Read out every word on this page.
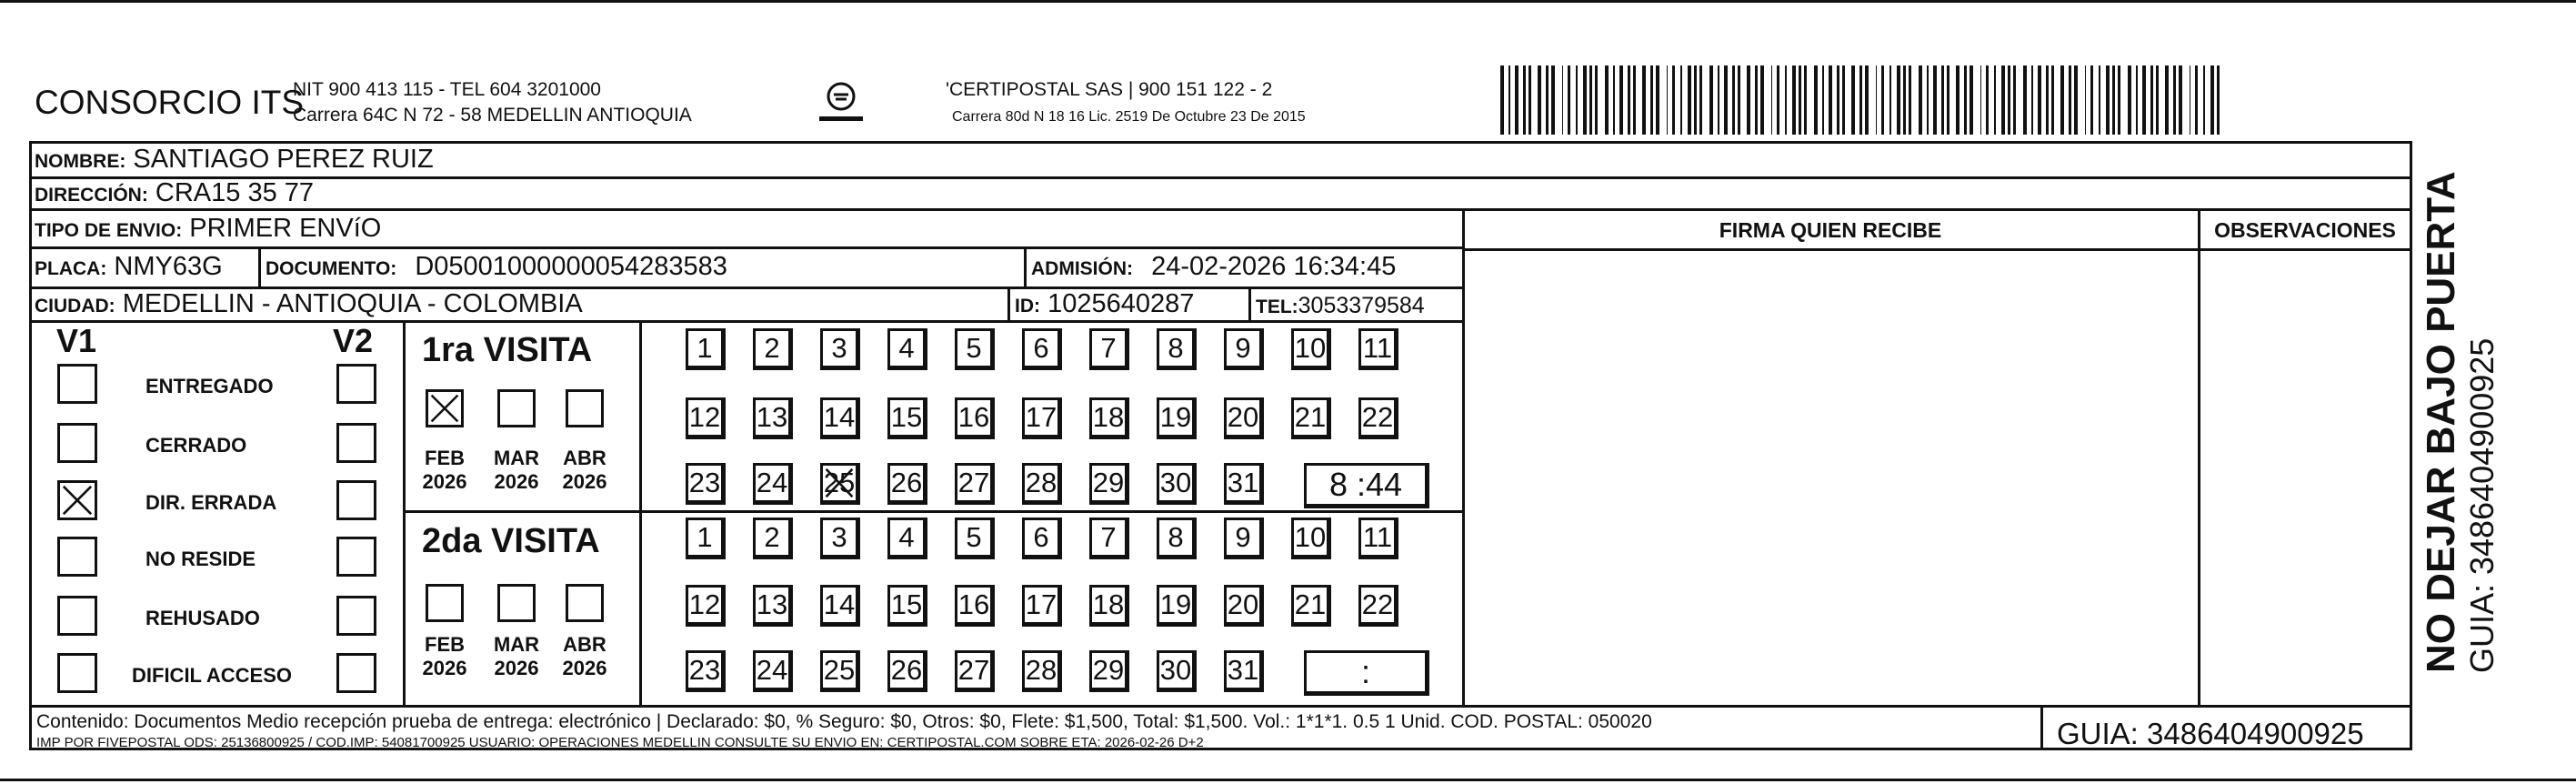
CONSORCIO ITS
NIT 900 413 115 - TEL 604 3201000
Carrera 64C N 72 - 58 MEDELLIN ANTIOQUIA
'CERTIPOSTAL SAS | 900 151 122 - 2
Carrera 80d N 18 16 Lic. 2519 De Octubre 23 De 2015
NOMBRE: SANTIAGO PEREZ RUIZ
DIRECCIÓN: CRA15 35 77
TIPO DE ENVIO: PRIMER ENVíO
PLACA: NMY63G DOCUMENTO: D05001000000054283583	ADMISIÓN: 24-02-2026 16:34:45
CIUDAD: MEDELLIN - ANTIOQUIA - COLOMBIA	ID: 1025640287	TEL:3053379584
FIRMA QUIEN RECIBE	OBSERVACIONES
V1	V2
ENTREGADO
CERRADO
DIR. ERRADA
NO RESIDE
REHUSADO
DIFICIL ACCESO
1ra VISITA
2da VISITA
FEB
2026
MAR
2026
ABR
2026
1	2	3	4	5	6	7	8	9	10 11
12 13 14 15 16 17 18 19 20 21 22
23 24 25 26 27 28 29 30 31	8 :44
FEB
2026
MAR
2026
ABR
2026
1	2	3	4	5	6	7	8	9	10 11
12 13 14 15 16 17 18 19 20 21 22
23 24 25 26 27 28 29 30 31	:
Contenido: Documentos Medio recepción prueba de entrega: electrónico | Declarado: $0, % Seguro: $0, Otros: $0, Flete: $1,500, Total: $1,500. Vol.: 1*1*1. 0.5 1 Unid. COD. POSTAL: 050020
IMP POR FIVEPOSTAL ODS: 25136800925 / COD.IMP: 54081700925 USUARIO: OPERACIONES MEDELLIN CONSULTE SU ENVIO EN: CERTIPOSTAL.COM SOBRE ETA: 2026-02-26 D+2	GUIA: 3486404900925
NO DEJAR BAJO PUERTA GUIA: 3486404900925
